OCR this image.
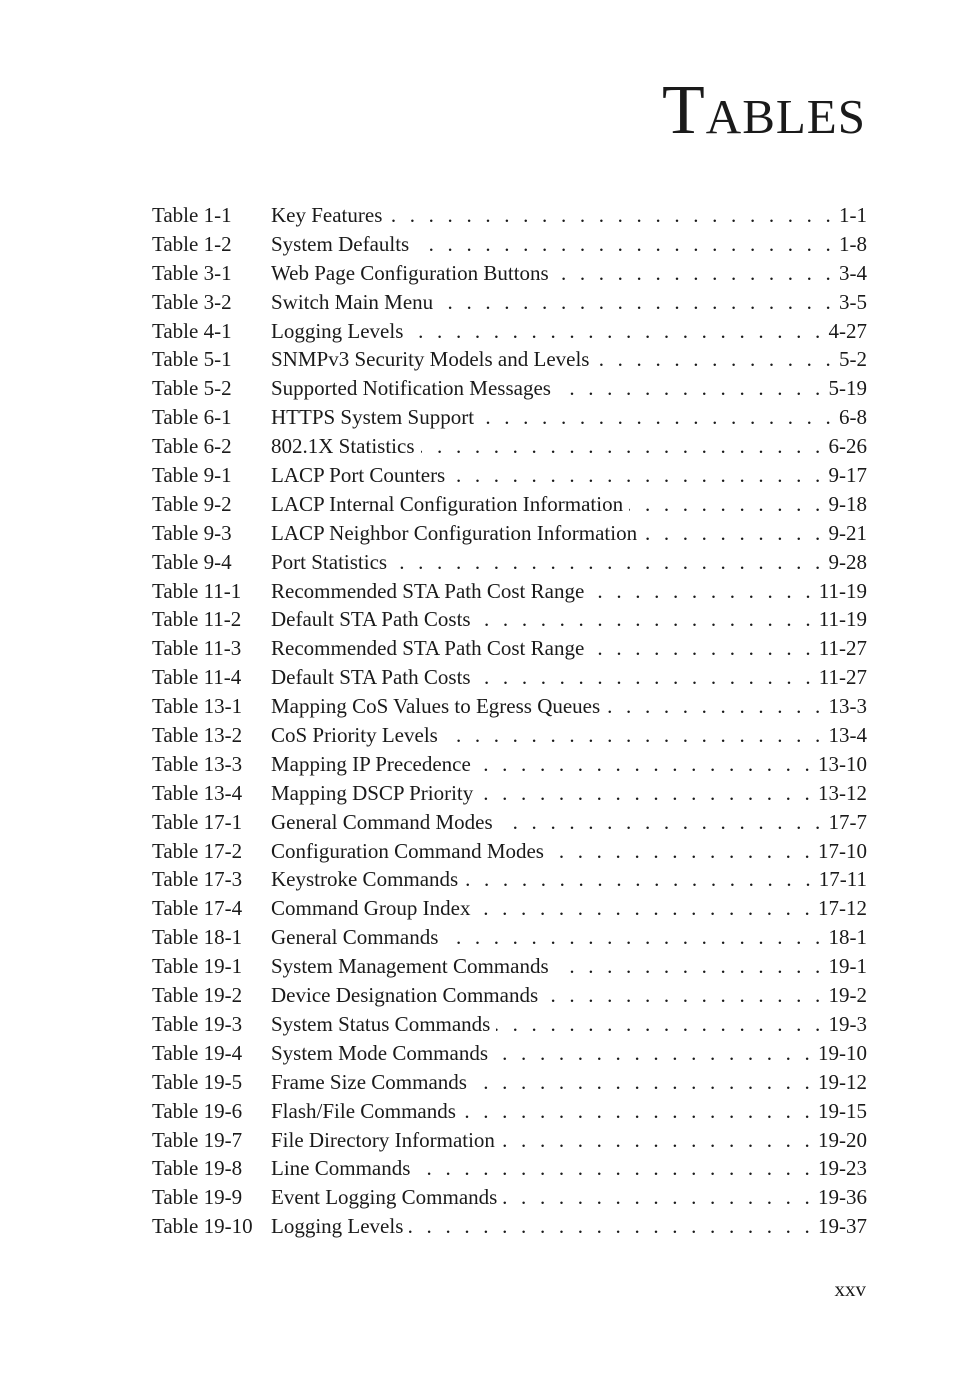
Tables
Table 1-1	Key Features . . .	1-1
Table 1-2	System Defaults . . .	1-8
Table 3-1	Web Page Configuration Buttons . . .	3-4
Table 3-2	Switch Main Menu . . .	3-5
Table 4-1	Logging Levels . . .	4-27
Table 5-1	SNMPv3 Security Models and Levels . . .	5-2
Table 5-2	Supported Notification Messages . . .	5-19
Table 6-1	HTTPS System Support . . .	6-8
Table 6-2	802.1X Statistics . . .	6-26
Table 9-1	LACP Port Counters . . .	9-17
Table 9-2	LACP Internal Configuration Information . . .	9-18
Table 9-3	LACP Neighbor Configuration Information . . .	9-21
Table 9-4	Port Statistics . . .	9-28
Table 11-1	Recommended STA Path Cost Range . . .	11-19
Table 11-2	Default STA Path Costs . . .	11-19
Table 11-3	Recommended STA Path Cost Range . . .	11-27
Table 11-4	Default STA Path Costs . . .	11-27
Table 13-1	Mapping CoS Values to Egress Queues . . .	13-3
Table 13-2	CoS Priority Levels . . .	13-4
Table 13-3	Mapping IP Precedence . . .	13-10
Table 13-4	Mapping DSCP Priority . . .	13-12
Table 17-1	General Command Modes . . .	17-7
Table 17-2	Configuration Command Modes . . .	17-10
Table 17-3	Keystroke Commands . . .	17-11
Table 17-4	Command Group Index . . .	17-12
Table 18-1	General Commands . . .	18-1
Table 19-1	System Management Commands . . .	19-1
Table 19-2	Device Designation Commands . . .	19-2
Table 19-3	System Status Commands . . .	19-3
Table 19-4	System Mode Commands . . .	19-10
Table 19-5	Frame Size Commands . . .	19-12
Table 19-6	Flash/File Commands . . .	19-15
Table 19-7	File Directory Information . . .	19-20
Table 19-8	Line Commands . . .	19-23
Table 19-9	Event Logging Commands . . .	19-36
Table 19-10 Logging Levels . . .	19-37
xxv
